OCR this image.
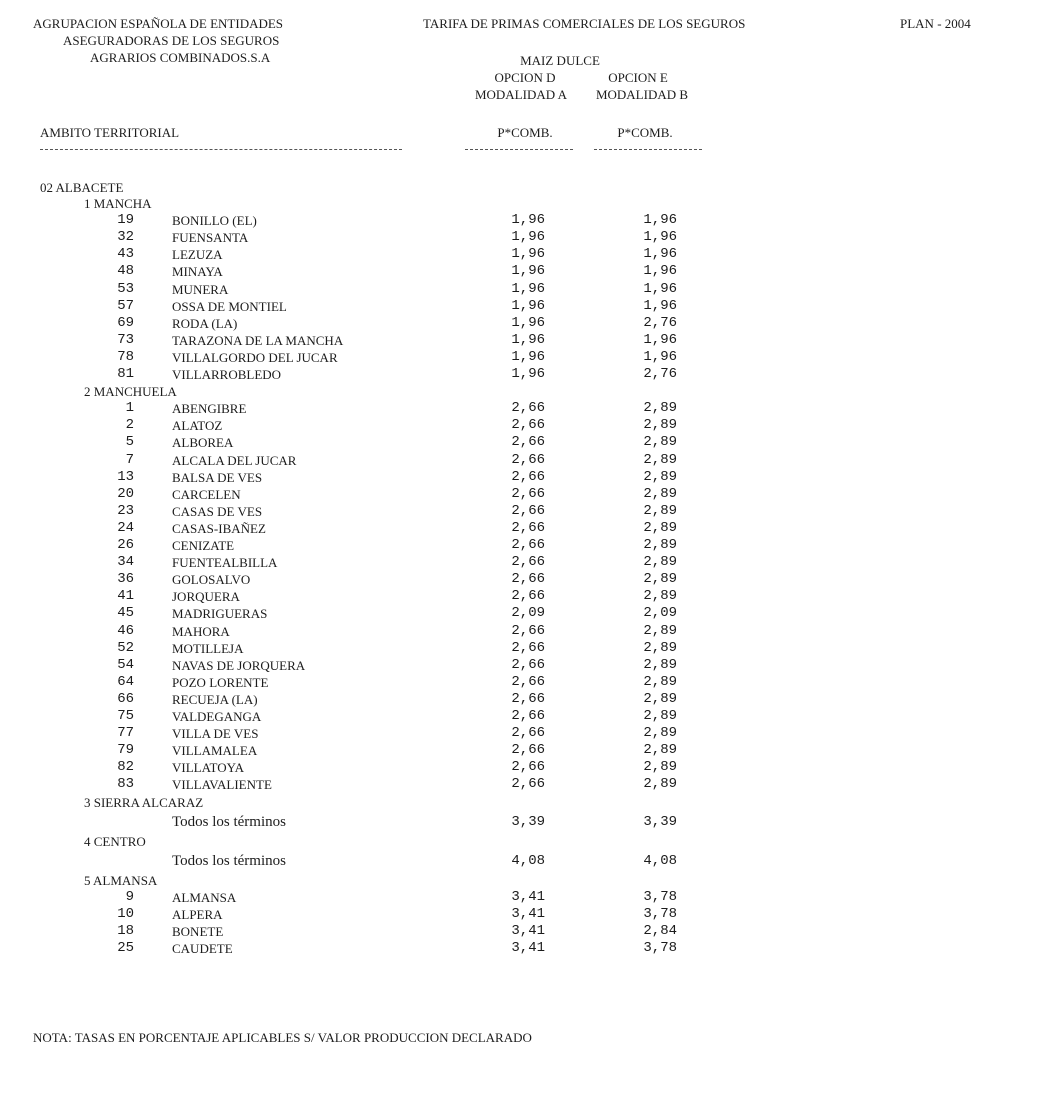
AGRUPACION ESPAÑOLA DE ENTIDADES
ASEGURADORAS DE LOS SEGUROS
AGRARIOS COMBINADOS.S.A
TARIFA DE PRIMAS COMERCIALES DE LOS SEGUROS	PLAN - 2004
MAIZ DULCE
OPCION D	OPCION E
MODALIDAD A	MODALIDAD B
AMBITO TERRITORIAL	P*COMB.	P*COMB.
02 ALBACETE
1 MANCHA
19	BONILLO (EL)	1,96	1,96
32	FUENSANTA	1,96	1,96
43	LEZUZA	1,96	1,96
48	MINAYA	1,96	1,96
53	MUNERA	1,96	1,96
57	OSSA DE MONTIEL	1,96	1,96
69	RODA (LA)	1,96	2,76
73	TARAZONA DE LA MANCHA	1,96	1,96
78	VILLALGORDO DEL JUCAR	1,96	1,96
81	VILLARROBLEDO	1,96	2,76
2 MANCHUELA
1	ABENGIBRE	2,66	2,89
2	ALATOZ	2,66	2,89
5	ALBOREA	2,66	2,89
7	ALCALA DEL JUCAR	2,66	2,89
13	BALSA DE VES	2,66	2,89
20	CARCELEN	2,66	2,89
23	CASAS DE VES	2,66	2,89
24	CASAS-IBAÑEZ	2,66	2,89
26	CENIZATE	2,66	2,89
34	FUENTEALBILLA	2,66	2,89
36	GOLOSALVO	2,66	2,89
41	JORQUERA	2,66	2,89
45	MADRIGUERAS	2,09	2,09
46	MAHORA	2,66	2,89
52	MOTILLEJA	2,66	2,89
54	NAVAS DE JORQUERA	2,66	2,89
64	POZO LORENTE	2,66	2,89
66	RECUEJA (LA)	2,66	2,89
75	VALDEGANGA	2,66	2,89
77	VILLA DE VES	2,66	2,89
79	VILLAMALEA	2,66	2,89
82	VILLATOYA	2,66	2,89
83	VILLAVALIENTE	2,66	2,89
3 SIERRA ALCARAZ
Todos los términos	3,39	3,39
4 CENTRO
Todos los términos	4,08	4,08
5 ALMANSA
9	ALMANSA	3,41	3,78
10	ALPERA	3,41	3,78
18	BONETE	3,41	2,84
25	CAUDETE	3,41	3,78
NOTA: TASAS EN PORCENTAJE APLICABLES S/ VALOR PRODUCCION DECLARADO
